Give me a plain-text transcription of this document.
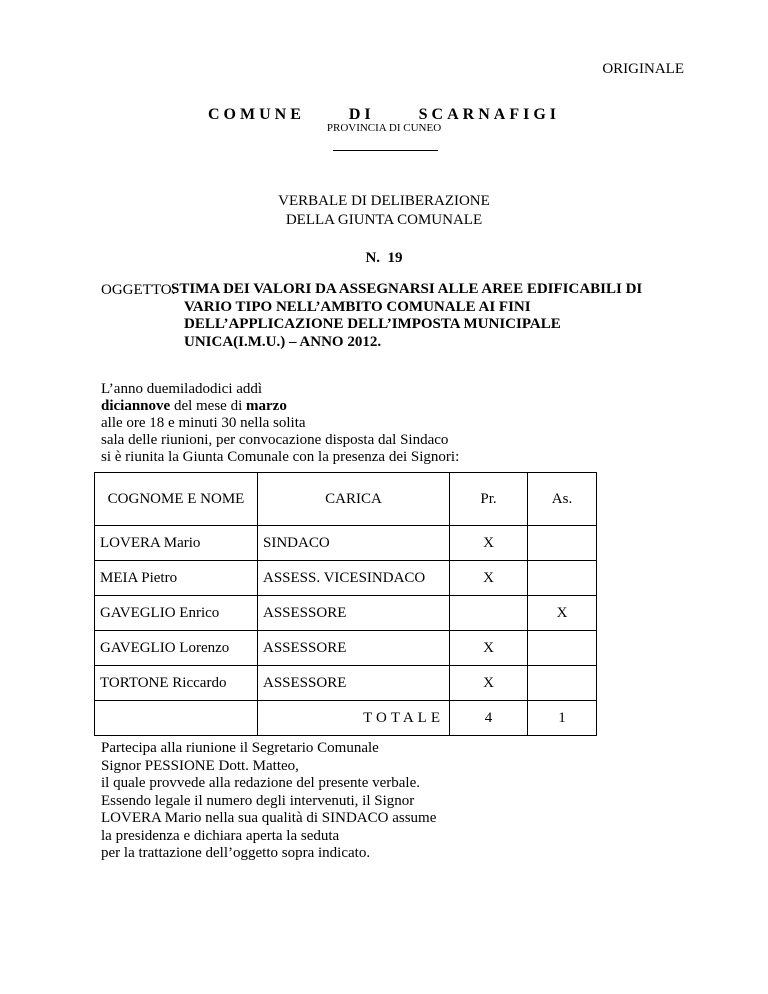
ORIGINALE
COMUNE  DI  SCARNAFIGI
PROVINCIA DI CUNEO
VERBALE DI DELIBERAZIONE
DELLA GIUNTA COMUNALE
N.  19
OGGETTO:
STIMA DEI VALORI DA ASSEGNARSI ALLE AREE EDIFICABILI DI
VARIO TIPO NELL’AMBITO COMUNALE AI FINI
DELL’APPLICAZIONE DELL’IMPOSTA MUNICIPALE
UNICA(I.M.U.) – ANNO 2012.
L’anno duemiladodici addì
diciannove del mese di marzo
alle ore 18 e minuti 30 nella solita
sala delle riunioni, per convocazione disposta dal Sindaco
si è riunita la Giunta Comunale con la presenza dei Signori:
COGNOME E NOME	CARICA	Pr.	As.
LOVERA Mario	SINDACO	X	
MEIA Pietro	ASSESS. VICESINDACO	X	
GAVEGLIO Enrico	ASSESSORE		X
GAVEGLIO Lorenzo	ASSESSORE	X	
TORTONE Riccardo	ASSESSORE	X	
	TOTALE	4	1
Partecipa alla riunione il Segretario Comunale
Signor PESSIONE Dott. Matteo,
il quale provvede alla redazione del presente verbale.
Essendo legale il numero degli intervenuti, il Signor
LOVERA Mario nella sua qualità di SINDACO assume
la presidenza e dichiara aperta la seduta
per la trattazione dell’oggetto sopra indicato.
